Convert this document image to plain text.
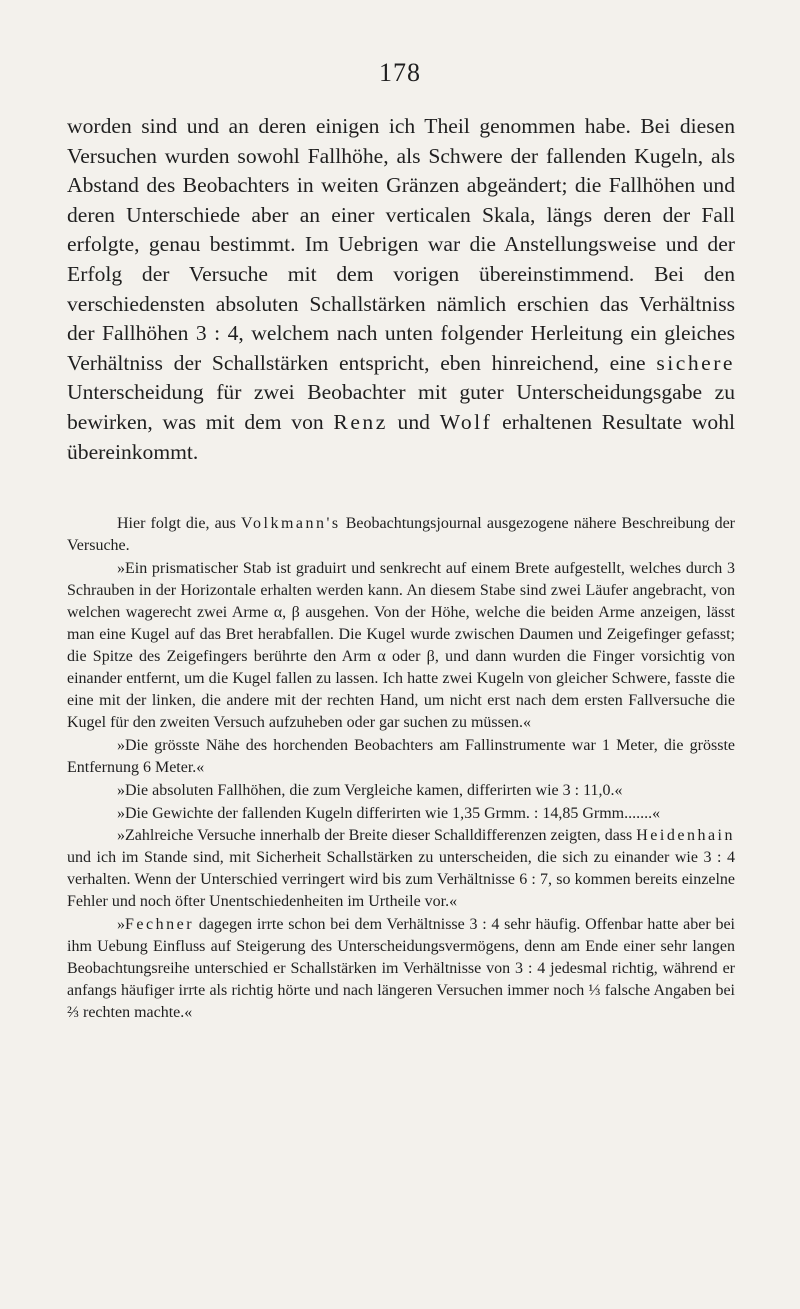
178

worden sind und an deren einigen ich Theil genommen habe. Bei diesen Versuchen wurden sowohl Fallhöhe, als Schwere der fallenden Kugeln, als Abstand des Beobachters in weiten Gränzen abgeändert; die Fallhöhen und deren Unterschiede aber an einer verticalen Skala, längs deren der Fall erfolgte, genau bestimmt. Im Uebrigen war die Anstellungsweise und der Erfolg der Versuche mit dem vorigen übereinstimmend. Bei den verschiedensten absoluten Schallstärken nämlich erschien das Verhältniss der Fallhöhen 3 : 4, welchem nach unten folgender Herleitung ein gleiches Verhältniss der Schallstärken entspricht, eben hinreichend, eine sichere Unterscheidung für zwei Beobachter mit guter Unterscheidungsgabe zu bewirken, was mit dem von Renz und Wolf erhaltenen Resultate wohl übereinkommt.

Hier folgt die, aus Volkmann's Beobachtungsjournal ausgezogene nähere Beschreibung der Versuche.

»Ein prismatischer Stab ist graduirt und senkrecht auf einem Brete aufgestellt, welches durch 3 Schrauben in der Horizontale erhalten werden kann. An diesem Stabe sind zwei Läufer angebracht, von welchen wagerecht zwei Arme α, β ausgehen. Von der Höhe, welche die beiden Arme anzeigen, lässt man eine Kugel auf das Bret herabfallen. Die Kugel wurde zwischen Daumen und Zeigefinger gefasst; die Spitze des Zeigefingers berührte den Arm α oder β, und dann wurden die Finger vorsichtig von einander entfernt, um die Kugel fallen zu lassen. Ich hatte zwei Kugeln von gleicher Schwere, fasste die eine mit der linken, die andere mit der rechten Hand, um nicht erst nach dem ersten Fallversuche die Kugel für den zweiten Versuch aufzuheben oder gar suchen zu müssen.«

»Die grösste Nähe des horchenden Beobachters am Fallinstrumente war 1 Meter, die grösste Entfernung 6 Meter.«

»Die absoluten Fallhöhen, die zum Vergleiche kamen, differirten wie 3 : 11,0.«

»Die Gewichte der fallenden Kugeln differirten wie 1,35 Grmm. : 14,85 Grmm.......«

»Zahlreiche Versuche innerhalb der Breite dieser Schalldifferenzen zeigten, dass Heidenhain und ich im Stande sind, mit Sicherheit Schallstärken zu unterscheiden, die sich zu einander wie 3 : 4 verhalten. Wenn der Unterschied verringert wird bis zum Verhältnisse 6 : 7, so kommen bereits einzelne Fehler und noch öfter Unentschiedenheiten im Urtheile vor.«

»Fechner dagegen irrte schon bei dem Verhältnisse 3 : 4 sehr häufig. Offenbar hatte aber bei ihm Uebung Einfluss auf Steigerung des Unterscheidungsvermögens, denn am Ende einer sehr langen Beobachtungsreihe unterschied er Schallstärken im Verhältnisse von 3 : 4 jedesmal richtig, während er anfangs häufiger irrte als richtig hörte und nach längeren Versuchen immer noch ⅓ falsche Angaben bei ⅔ rechten machte.«
